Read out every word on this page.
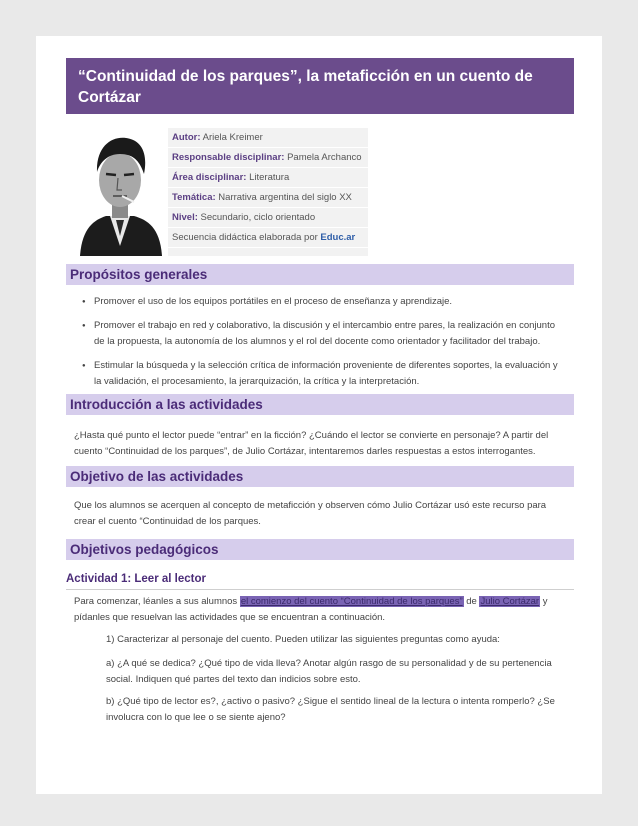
“Continuidad de los parques”, la metaficción en un cuento de Cortázar
Autor: Ariela Kreimer
Responsable disciplinar: Pamela Archanco
Área disciplinar: Literatura
Temática: Narrativa argentina del siglo XX
Nivel: Secundario, ciclo orientado
Secuencia didáctica elaborada por Educ.ar
Propósitos generales
● Promover el uso de los equipos portátiles en el proceso de enseñanza y aprendizaje.
● Promover el trabajo en red y colaborativo, la discusión y el intercambio entre pares, la realización en conjunto de la propuesta, la autonomía de los alumnos y el rol del docente como orientador y facilitador del trabajo.
● Estimular la búsqueda y la selección crítica de información proveniente de diferentes soportes, la evaluación y la validación, el procesamiento, la jerarquización, la crítica y la interpretación.
Introducción a las actividades
¿Hasta qué punto el lector puede “entrar” en la ficción? ¿Cuándo el lector se convierte en personaje? A partir del cuento “Continuidad de los parques”, de Julio Cortázar, intentaremos darles respuestas a estos interrogantes.
Objetivo de las actividades
Que los alumnos se acerquen al concepto de metaficción y observen cómo Julio Cortázar usó este recurso para crear el cuento “Continuidad de los parques.
Objetivos pedagógicos
Actividad 1: Leer al lector
Para comenzar, léanles a sus alumnos el comienzo del cuento “Continuidad de los parques” de Julio Cortázar y pídanles que resuelvan las actividades que se encuentran a continuación.
1) Caracterizar al personaje del cuento. Pueden utilizar las siguientes preguntas como ayuda:
a) ¿A qué se dedica? ¿Qué tipo de vida lleva? Anotar algún rasgo de su personalidad y de su pertenencia social. Indiquen qué partes del texto dan indicios sobre esto.
b) ¿Qué tipo de lector es?, ¿activo o pasivo? ¿Sigue el sentido lineal de la lectura o intenta romperlo? ¿Se involucra con lo que lee o se siente ajeno?
